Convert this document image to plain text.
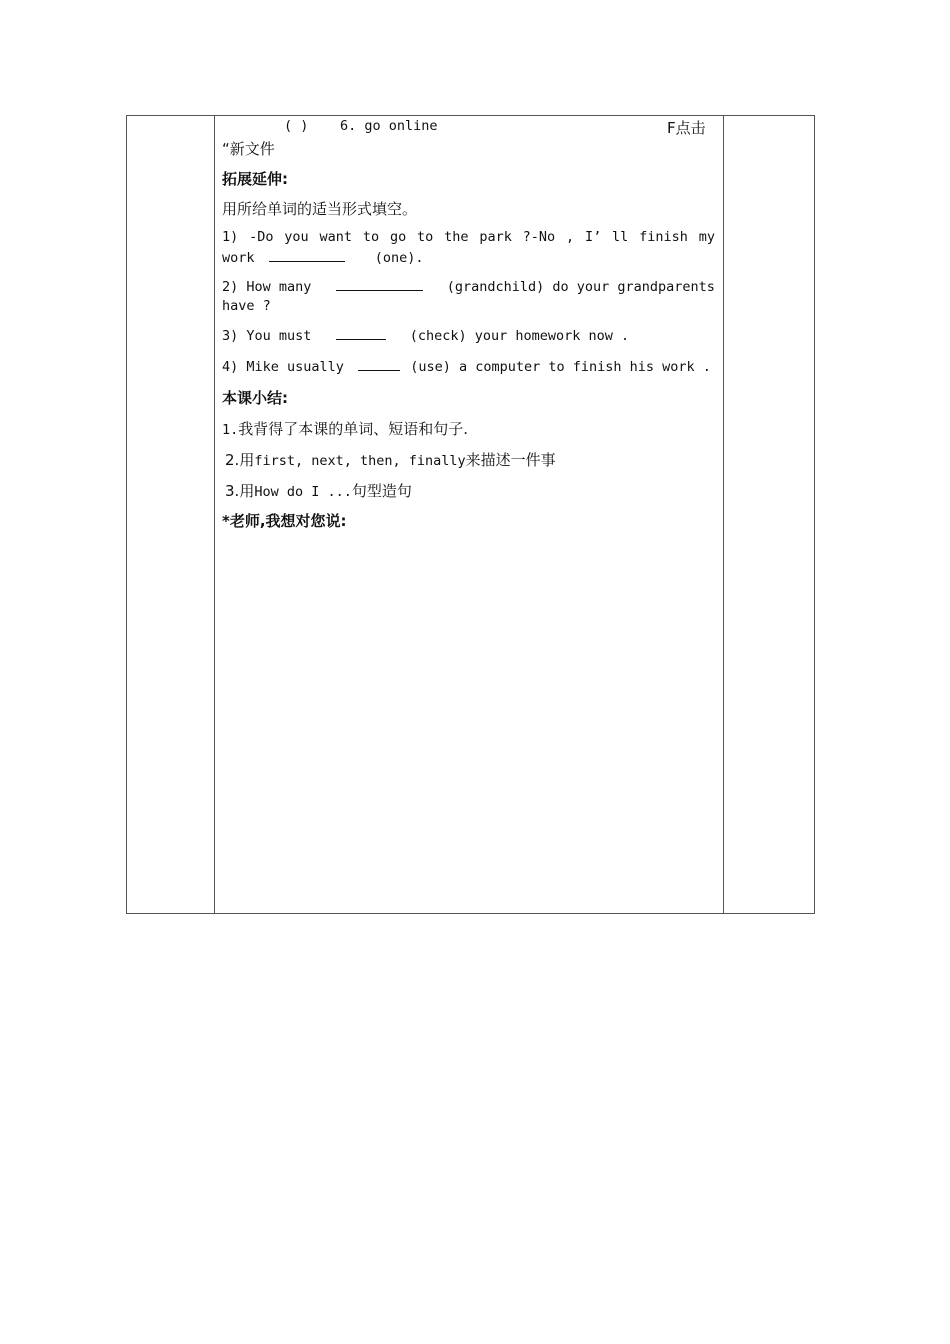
( ) 6. go online	F点击
“新文件
拓展延伸:
用所给单词的适当形式填空。
1) -Do you want to go to the park ?-No , I’ ll finish my
work	(one).
2) How many	(grandchild) do your grandparents
have ?
3) You must	(check) your homework now .
4) Mike usually	(use) a computer to finish his work .
本课小结:
1.我背得了本课的单词、短语和句子.
2.用first, next, then, finally来描述一件事
3.用How do I ...句型造句
*老师,我想对您说:
